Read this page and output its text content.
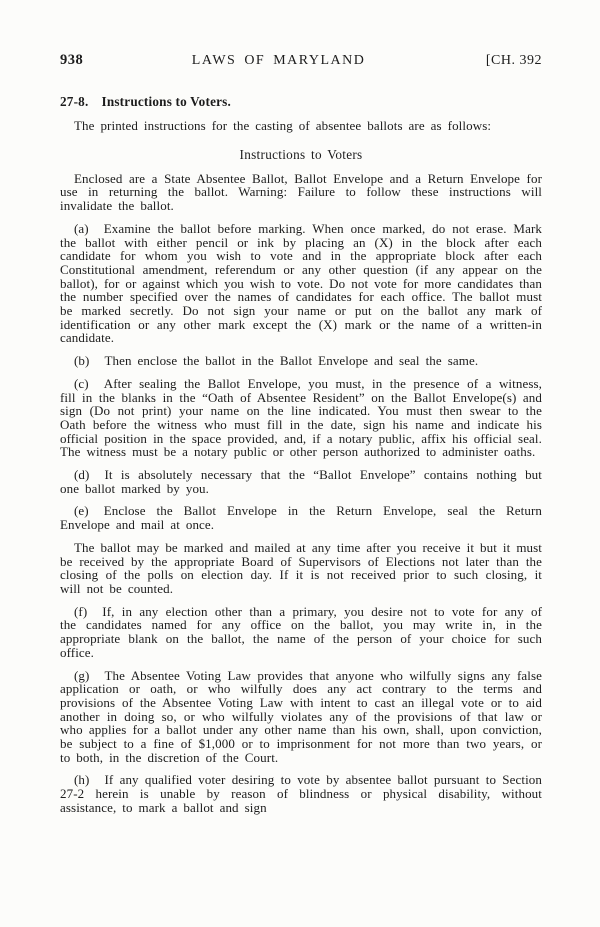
938	LAWS OF MARYLAND	[CH. 392
27-8. Instructions to Voters.

The printed instructions for the casting of absentee ballots are as follows:

Instructions to Voters

Enclosed are a State Absentee Ballot, Ballot Envelope and a Return Envelope for use in returning the ballot. Warning: Failure to follow these instructions will invalidate the ballot.

(a) Examine the ballot before marking. When once marked, do not erase. Mark the ballot with either pencil or ink by placing an (X) in the block after each candidate for whom you wish to vote and in the appropriate block after each Constitutional amendment, referendum or any other question (if any appear on the ballot), for or against which you wish to vote. Do not vote for more candidates than the number specified over the names of candidates for each office. The ballot must be marked secretly. Do not sign your name or put on the ballot any mark of identification or any other mark except the (X) mark or the name of a written-in candidate.

(b) Then enclose the ballot in the Ballot Envelope and seal the same.

(c) After sealing the Ballot Envelope, you must, in the presence of a witness, fill in the blanks in the “Oath of Absentee Resident” on the Ballot Envelope(s) and sign (Do not print) your name on the line indicated. You must then swear to the Oath before the witness who must fill in the date, sign his name and indicate his official position in the space provided, and, if a notary public, affix his official seal. The witness must be a notary public or other person authorized to administer oaths.

(d) It is absolutely necessary that the “Ballot Envelope” contains nothing but one ballot marked by you.

(e) Enclose the Ballot Envelope in the Return Envelope, seal the Return Envelope and mail at once.

The ballot may be marked and mailed at any time after you receive it but it must be received by the appropriate Board of Supervisors of Elections not later than the closing of the polls on election day. If it is not received prior to such closing, it will not be counted.

(f) If, in any election other than a primary, you desire not to vote for any of the candidates named for any office on the ballot, you may write in, in the appropriate blank on the ballot, the name of the person of your choice for such office.

(g) The Absentee Voting Law provides that anyone who wilfully signs any false application or oath, or who wilfully does any act contrary to the terms and provisions of the Absentee Voting Law with intent to cast an illegal vote or to aid another in doing so, or who wilfully violates any of the provisions of that law or who applies for a ballot under any other name than his own, shall, upon conviction, be subject to a fine of $1,000 or to imprisonment for not more than two years, or to both, in the discretion of the Court.

(h) If any qualified voter desiring to vote by absentee ballot pursuant to Section 27-2 herein is unable by reason of blindness or physical disability, without assistance, to mark a ballot and sign
